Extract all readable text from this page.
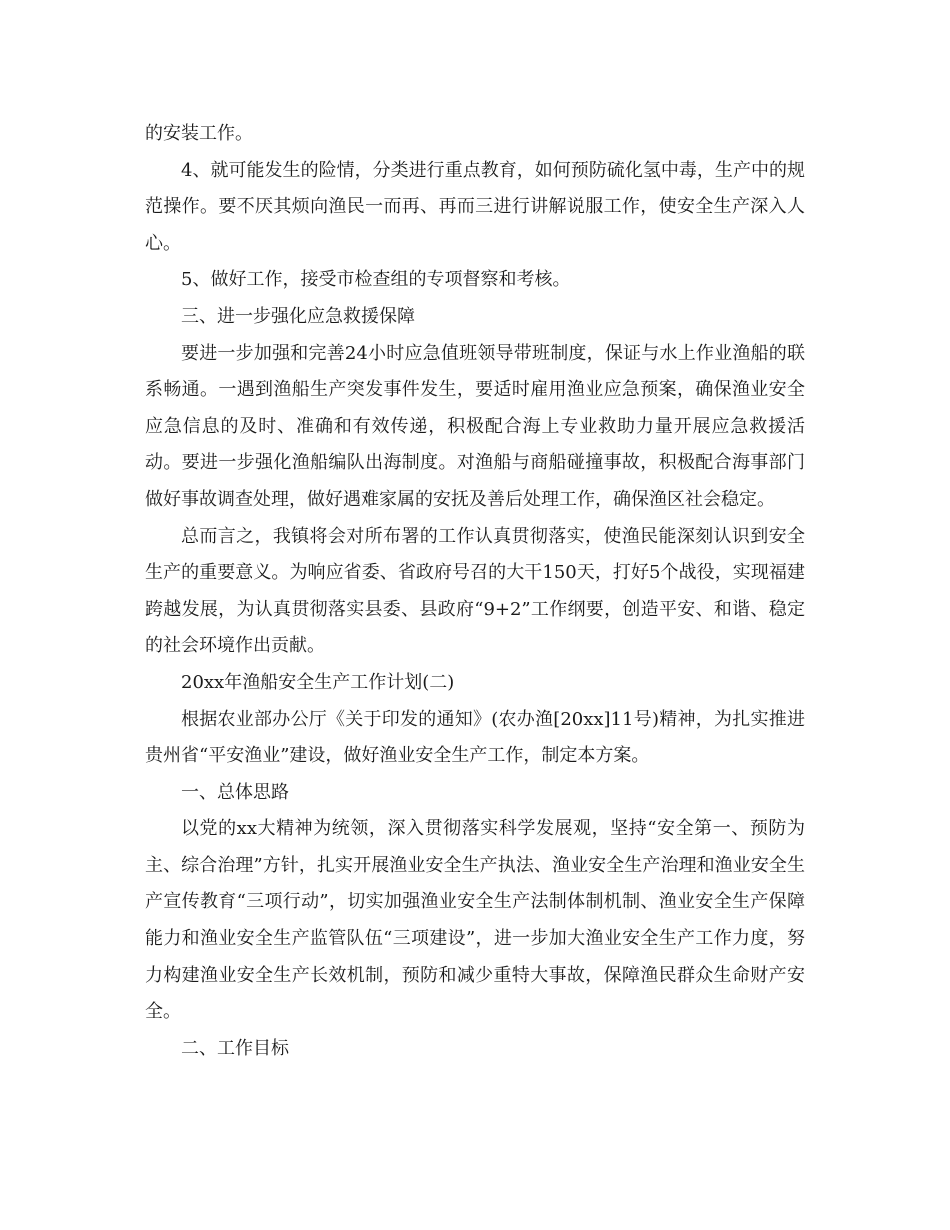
的安装工作。

4、就可能发生的险情，分类进行重点教育，如何预防硫化氢中毒，生产中的规范操作。要不厌其烦向渔民一而再、再而三进行讲解说服工作，使安全生产深入人心。

5、做好工作，接受市检查组的专项督察和考核。

三、进一步强化应急救援保障

要进一步加强和完善24小时应急值班领导带班制度，保证与水上作业渔船的联系畅通。一遇到渔船生产突发事件发生，要适时雇用渔业应急预案，确保渔业安全应急信息的及时、准确和有效传递，积极配合海上专业救助力量开展应急救援活动。要进一步强化渔船编队出海制度。对渔船与商船碰撞事故，积极配合海事部门做好事故调查处理，做好遇难家属的安抚及善后处理工作，确保渔区社会稳定。

总而言之，我镇将会对所布署的工作认真贯彻落实，使渔民能深刻认识到安全生产的重要意义。为响应省委、省政府号召的大干150天，打好5个战役，实现福建跨越发展，为认真贯彻落实县委、县政府“9+2”工作纲要，创造平安、和谐、稳定的社会环境作出贡献。

20xx年渔船安全生产工作计划(二)

根据农业部办公厅《关于印发的通知》(农办渔[20xx]11号)精神，为扎实推进贵州省“平安渔业”建设，做好渔业安全生产工作，制定本方案。

一、总体思路

以党的xx大精神为统领，深入贯彻落实科学发展观，坚持“安全第一、预防为主、综合治理”方针，扎实开展渔业安全生产执法、渔业安全生产治理和渔业安全生产宣传教育“三项行动”，切实加强渔业安全生产法制体制机制、渔业安全生产保障能力和渔业安全生产监管队伍“三项建设”，进一步加大渔业安全生产工作力度，努力构建渔业安全生产长效机制，预防和减少重特大事故，保障渔民群众生命财产安全。

二、工作目标
